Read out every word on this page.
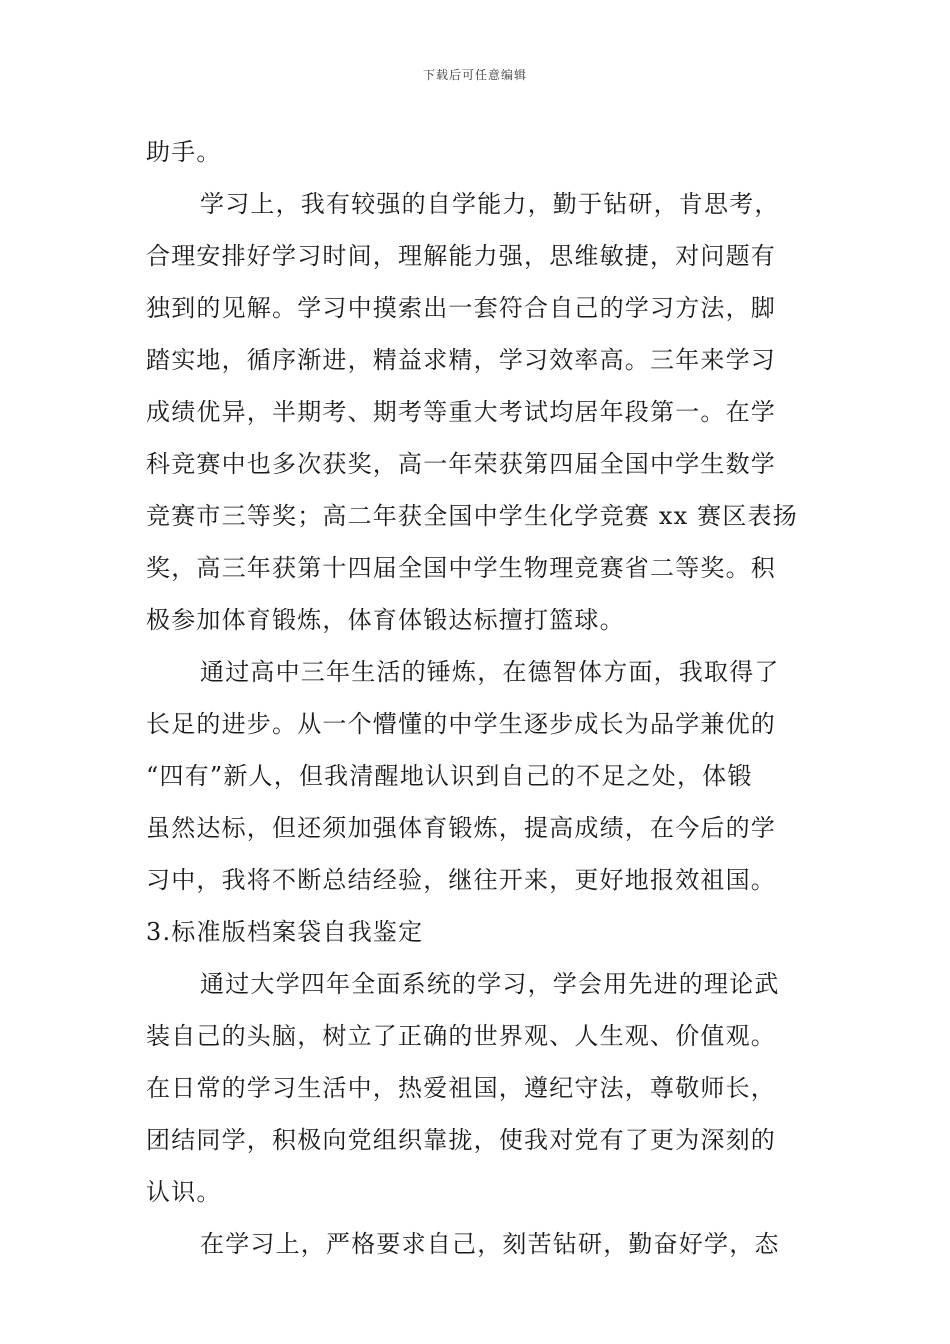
下载后可任意编辑
助手。
学习上，我有较强的自学能力，勤于钻研，肯思考，
合理安排好学习时间，理解能力强，思维敏捷，对问题有
独到的见解。学习中摸索出一套符合自己的学习方法，脚
踏实地，循序渐进，精益求精，学习效率高。三年来学习
成绩优异，半期考、期考等重大考试均居年段第一。在学
科竞赛中也多次获奖，高一年荣获第四届全国中学生数学
竞赛市三等奖；高二年获全国中学生化学竞赛 xx 赛区表扬
奖，高三年获第十四届全国中学生物理竞赛省二等奖。积
极参加体育锻炼，体育体锻达标擅打篮球。
通过高中三年生活的锤炼，在德智体方面，我取得了
长足的进步。从一个懵懂的中学生逐步成长为品学兼优的
“四有”新人，但我清醒地认识到自己的不足之处，体锻
虽然达标，但还须加强体育锻炼，提高成绩，在今后的学
习中，我将不断总结经验，继往开来，更好地报效祖国。
3.标准版档案袋自我鉴定
通过大学四年全面系统的学习，学会用先进的理论武
装自己的头脑，树立了正确的世界观、人生观、价值观。
在日常的学习生活中，热爱祖国，遵纪守法，尊敬师长，
团结同学，积极向党组织靠拢，使我对党有了更为深刻的
认识。
在学习上，严格要求自己，刻苦钻研，勤奋好学，态
